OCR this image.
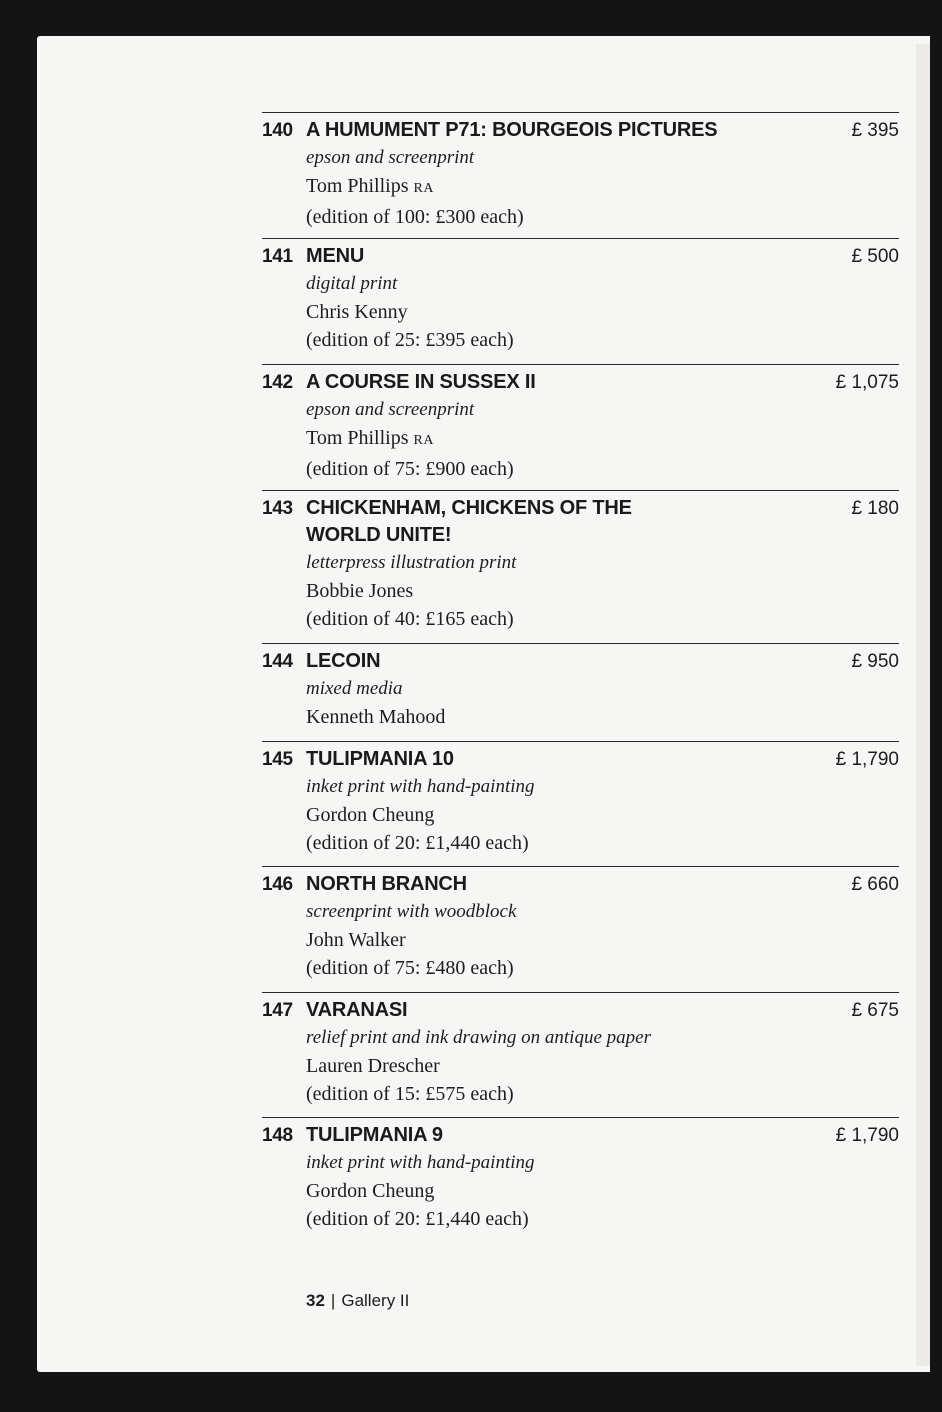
140 A HUMUMENT P71: BOURGEOIS PICTURES
epson and screenprint
Tom Phillips RA
(edition of 100: £300 each)
£ 395
141 MENU
digital print
Chris Kenny
(edition of 25: £395 each)
£ 500
142 A COURSE IN SUSSEX II
epson and screenprint
Tom Phillips RA
(edition of 75: £900 each)
£ 1,075
143 CHICKENHAM, CHICKENS OF THE WORLD UNITE!
letterpress illustration print
Bobbie Jones
(edition of 40: £165 each)
£ 180
144 LECOIN
mixed media
Kenneth Mahood
£ 950
145 TULIPMANIA 10
inket print with hand-painting
Gordon Cheung
(edition of 20: £1,440 each)
£ 1,790
146 NORTH BRANCH
screenprint with woodblock
John Walker
(edition of 75: £480 each)
£ 660
147 VARANASI
relief print and ink drawing on antique paper
Lauren Drescher
(edition of 15: £575 each)
£ 675
148 TULIPMANIA 9
inket print with hand-painting
Gordon Cheung
(edition of 20: £1,440 each)
£ 1,790
32 | Gallery II
